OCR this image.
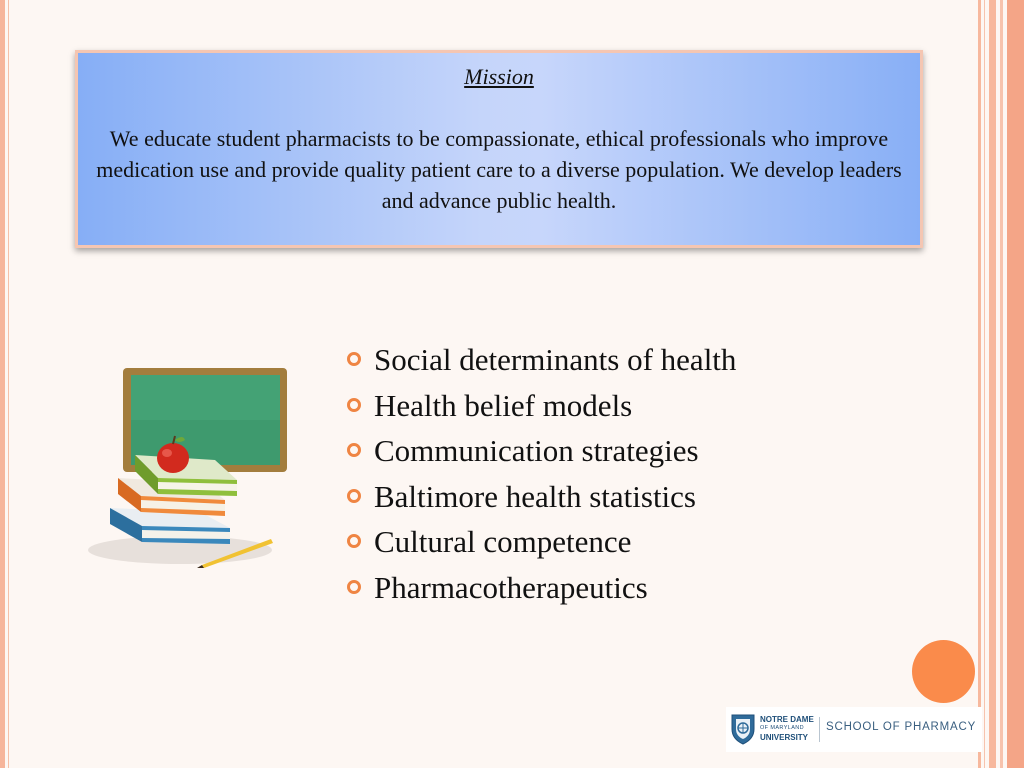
Mission
We educate student pharmacists to be compassionate, ethical professionals who improve medication use and provide quality patient care to a diverse population. We develop leaders and advance public health.
Social determinants of health
Health belief models
Communication strategies
Baltimore health statistics
Cultural competence
Pharmacotherapeutics
NOTRE DAME
OF MARYLAND
UNIVERSITY
SCHOOL OF PHARMACY
